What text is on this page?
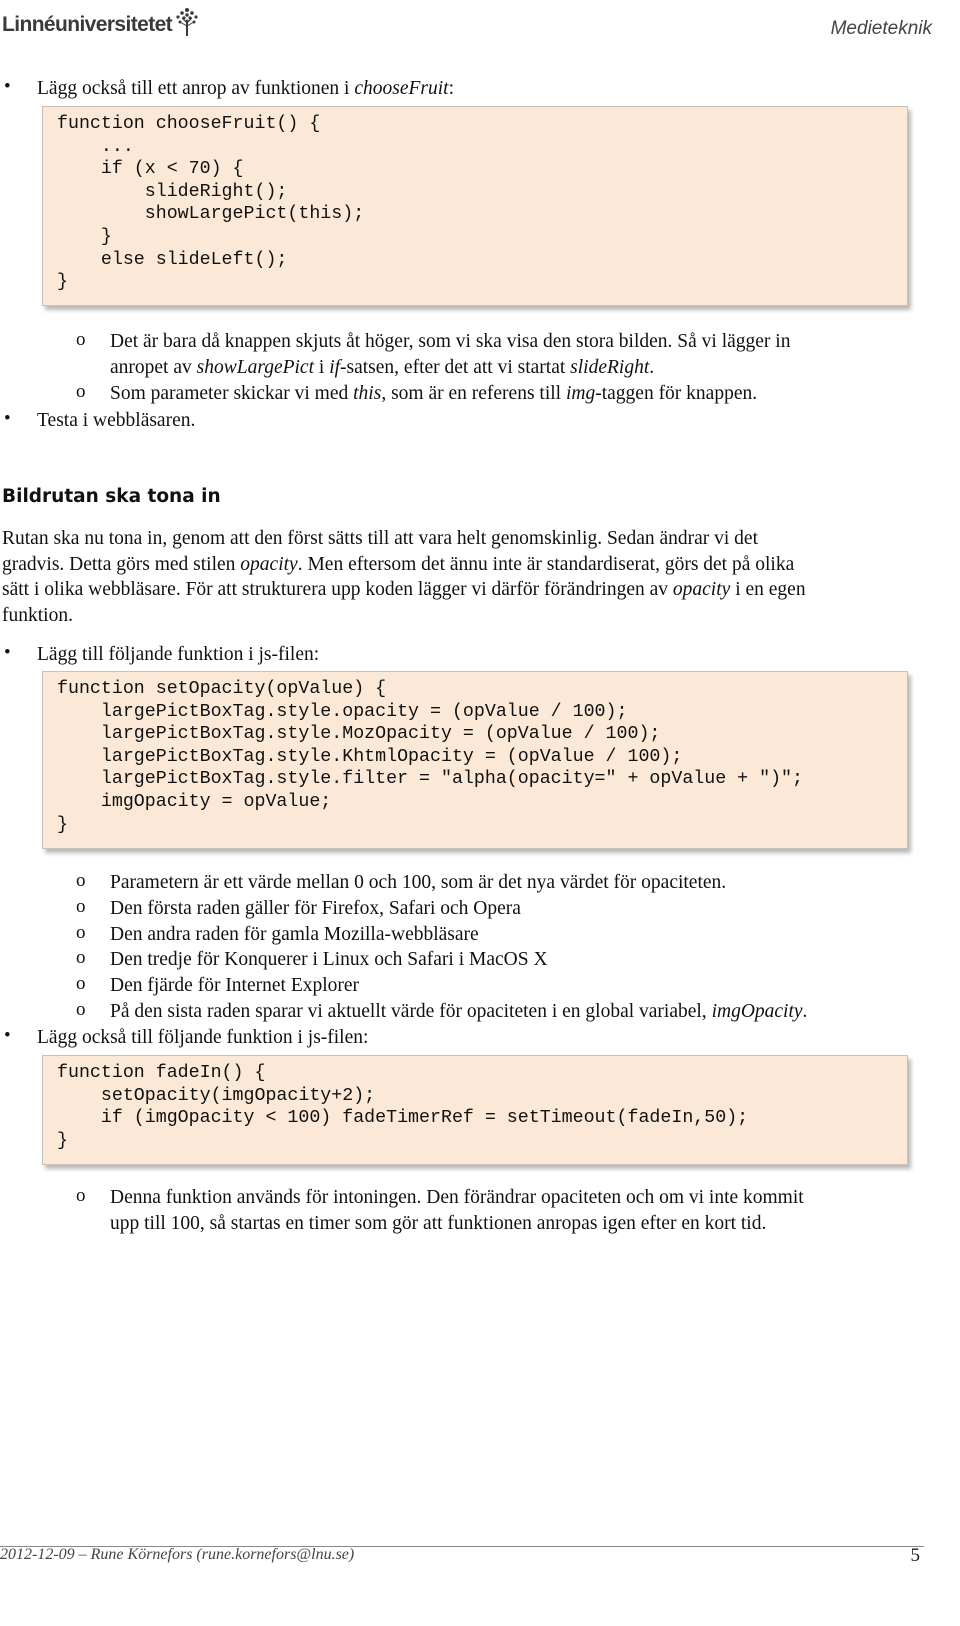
Linnéuniversitetet	Medieteknik
• Lägg också till ett anrop av funktionen i chooseFruit:
function chooseFruit() {
...
if (x < 70) {
slideRight();
showLargePict(this);
}
else slideLeft();
}
o Det är bara då knappen skjuts åt höger, som vi ska visa den stora bilden. Så vi lägger in
anropet av showLargePict i if-satsen, efter det att vi startat slideRight.
o Som parameter skickar vi med this, som är en referens till img-taggen för knappen.
• Testa i webbläsaren.
Bildrutan ska tona in
Rutan ska nu tona in, genom att den först sätts till att vara helt genomskinlig. Sedan ändrar vi det
gradvis. Detta görs med stilen opacity. Men eftersom det ännu inte är standardiserat, görs det på olika
sätt i olika webbläsare. För att strukturera upp koden lägger vi därför förändringen av opacity i en egen
funktion.
• Lägg till följande funktion i js-filen:
function setOpacity(opValue) {
largePictBoxTag.style.opacity = (opValue / 100);
largePictBoxTag.style.MozOpacity = (opValue / 100);
largePictBoxTag.style.KhtmlOpacity = (opValue / 100);
largePictBoxTag.style.filter = "alpha(opacity=" + opValue + ")";
imgOpacity = opValue;
}
o Parametern är ett värde mellan 0 och 100, som är det nya värdet för opaciteten.
o Den första raden gäller för Firefox, Safari och Opera
o Den andra raden för gamla Mozilla-webbläsare
o Den tredje för Konquerer i Linux och Safari i MacOS X
o Den fjärde för Internet Explorer
o På den sista raden sparar vi aktuellt värde för opaciteten i en global variabel, imgOpacity.
• Lägg också till följande funktion i js-filen:
function fadeIn() {
setOpacity(imgOpacity+2);
if (imgOpacity < 100) fadeTimerRef = setTimeout(fadeIn,50);
}
o Denna funktion används för intoningen. Den förändrar opaciteten och om vi inte kommit
upp till 100, så startas en timer som gör att funktionen anropas igen efter en kort tid.
2012-12-09 – Rune Körnefors (rune.kornefors@lnu.se)	5
